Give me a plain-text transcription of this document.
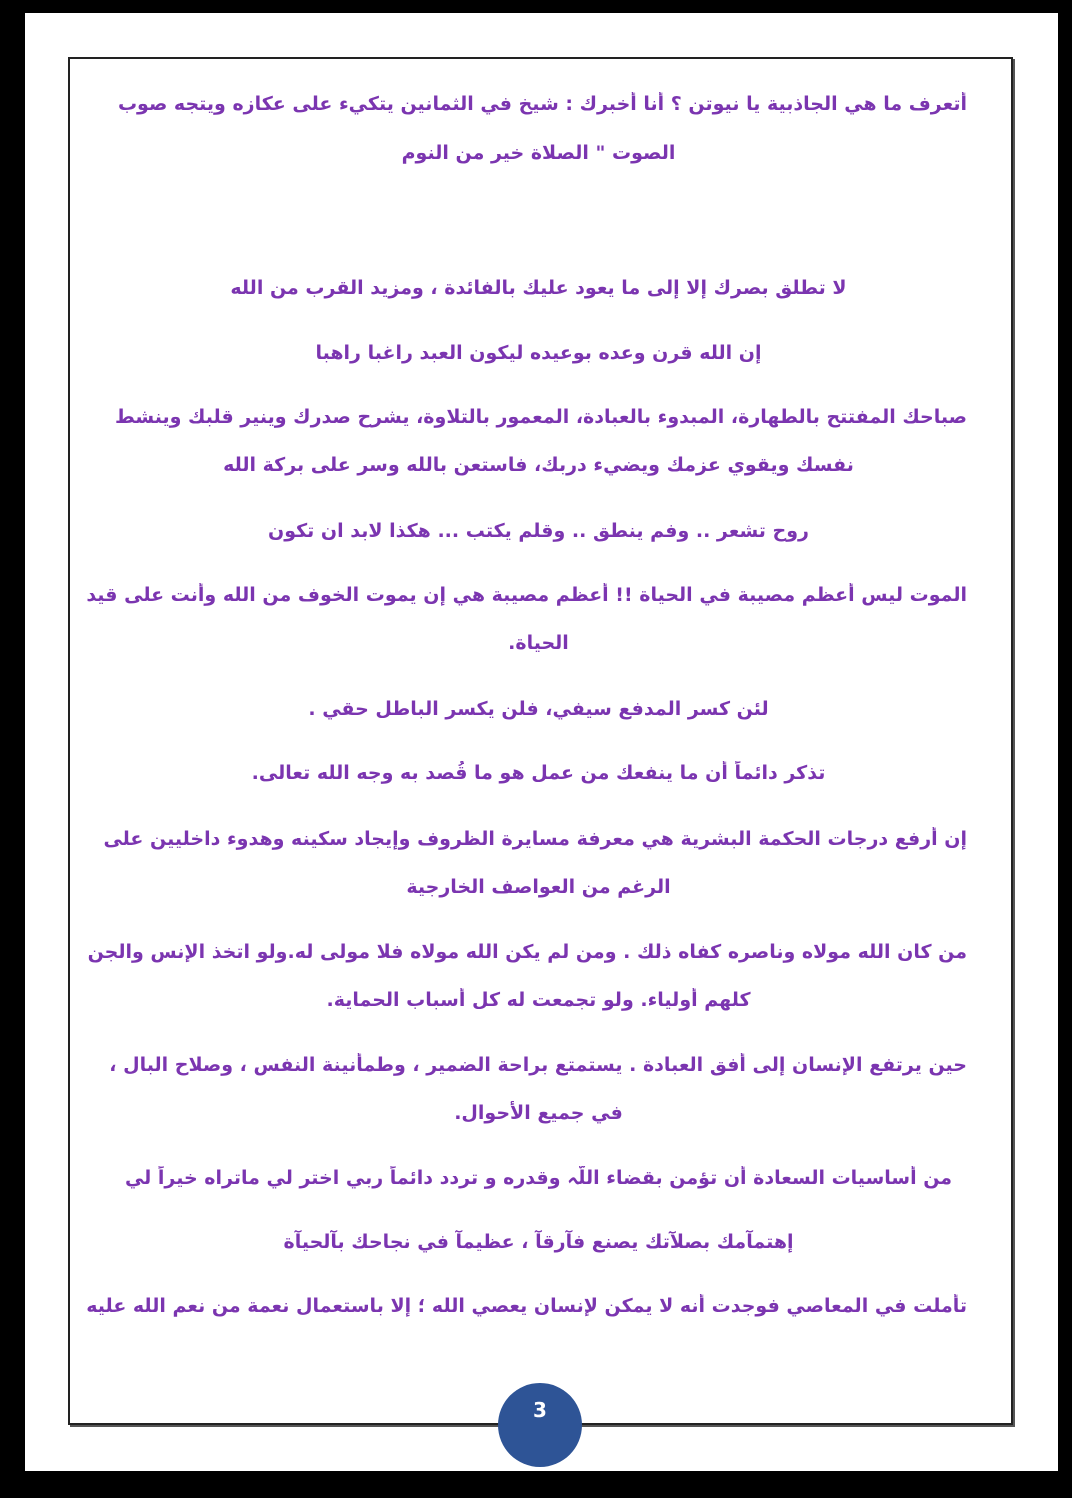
أتعرف ما هي الجاذبية يا نيوتن ؟ أنا أخبرك : شيخ في الثمانين يتكيء على عكازه ويتجه صوب
الصوت " الصلاة خير من النوم
لا تطلق بصرك إلا إلى ما يعود عليك بالفائدة ، ومزيد القرب من الله
إن الله قرن وعده بوعيده ليكون العبد راغبا راهبا
صباحك المفتتح بالطهارة، المبدوء بالعبادة، المعمور بالتلاوة، يشرح صدرك وينير قلبك وينشط
نفسك ويقوي عزمك ويضيء دربك، فاستعن بالله وسر على بركة الله
روح تشعر .. وفم ينطق .. وقلم يكتب ... هكذا لابد ان تكون
الموت ليس أعظم مصيبة في الحياة !! أعظم مصيبة هي إن يموت الخوف من الله وأنت على قيد
الحياة.
لئن كسر المدفع سيفي، فلن يكسر الباطل حقي .
تذكر دائماً أن ما ينفعك من عمل هو ما قُصد به وجه الله تعالى.
إن أرفع درجات الحكمة البشرية هي معرفة مسايرة الظروف وإيجاد سكينه وهدوء داخليين على
الرغم من العواصف الخارجية
من كان الله مولاه وناصره كفاه ذلك . ومن لم يكن الله مولاه فلا مولى له.ولو اتخذ الإنس والجن
كلهم أولياء. ولو تجمعت له كل أسباب الحماية.
حين يرتفع الإنسان إلى أفق العبادة . يستمتع براحة الضمير ، وطمأنينة النفس ، وصلاح البال ،
في جميع الأحوال.
من أساسيات السعادة أن تؤمن بقضاء اللّہ وقدره و تردد دائماً ربي اختر لي ماتراه خيراً لي
إهتمآمك بصلآتك يصنع فآرقآً ، عظيمآً في نجاحك بآلحيآة
تأملت في المعاصي فوجدت أنه لا يمكن لإنسان يعصي الله ؛ إلا باستعمال نعمة من نعم الله عليه
3
